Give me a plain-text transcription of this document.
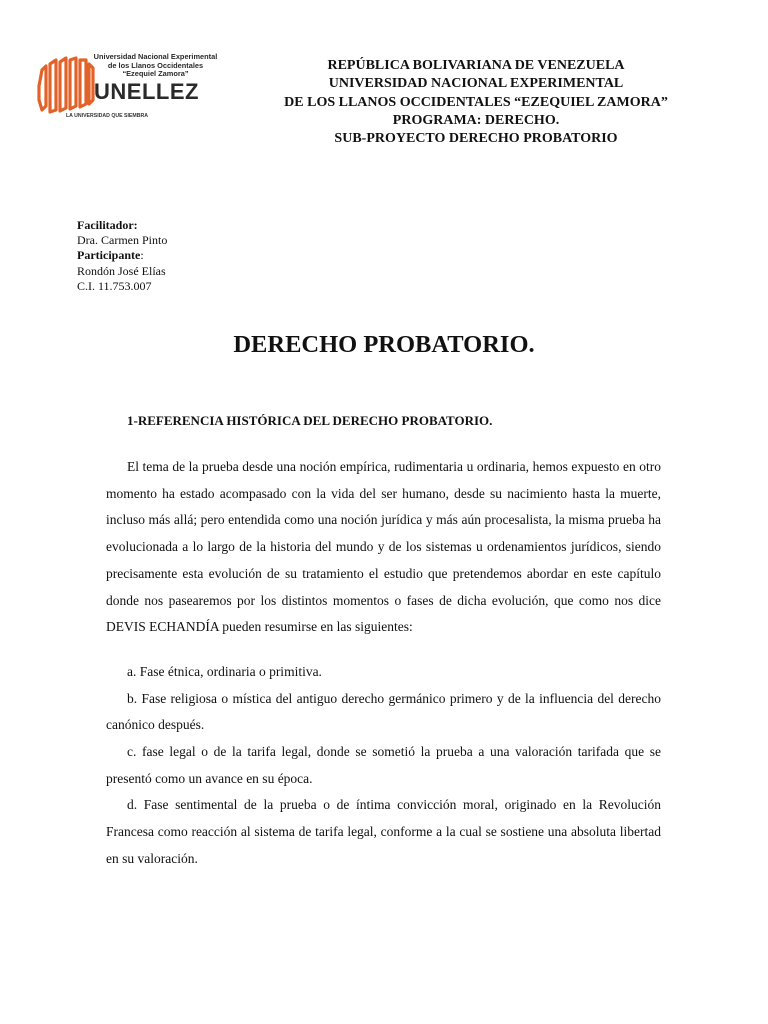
Universidad Nacional Experimental
de los Llanos Occidentales
“Ezequiel Zamora”
UNELLEZ
LA UNIVERSIDAD QUE SIEMBRA
REPÚBLICA BOLIVARIANA DE VENEZUELA
UNIVERSIDAD NACIONAL EXPERIMENTAL
DE LOS LLANOS OCCIDENTALES “EZEQUIEL ZAMORA”
PROGRAMA: DERECHO.
SUB-PROYECTO DERECHO PROBATORIO
Facilitador:
Dra. Carmen Pinto
Participante:
Rondón José Elías
C.I. 11.753.007
DERECHO PROBATORIO.
1-REFERENCIA HISTÓRICA DEL DERECHO PROBATORIO.

El tema de la prueba desde una noción empírica, rudimentaria u ordinaria, hemos expuesto en otro momento ha estado acompasado con la vida del ser humano, desde su nacimiento hasta la muerte, incluso más allá; pero entendida como una noción jurídica y más aún procesalista, la misma prueba ha evolucionada a lo largo de la historia del mundo y de los sistemas u ordenamientos jurídicos, siendo precisamente esta evolución de su tratamiento el estudio que pretendemos abordar en este capítulo donde nos pasearemos por los distintos momentos o fases de dicha evolución, que como nos dice DEVIS ECHANDÍA pueden resumirse en las siguientes:

a. Fase étnica, ordinaria o primitiva.

b. Fase religiosa o mística del antiguo derecho germánico primero y de la influencia del derecho canónico después.

c. fase legal o de la tarifa legal, donde se sometió la prueba a una valoración tarifada que se presentó como un avance en su época.

d. Fase sentimental de la prueba o de íntima convicción moral, originado en la Revolución Francesa como reacción al sistema de tarifa legal, conforme a la cual se sostiene una absoluta libertad en su valoración.
